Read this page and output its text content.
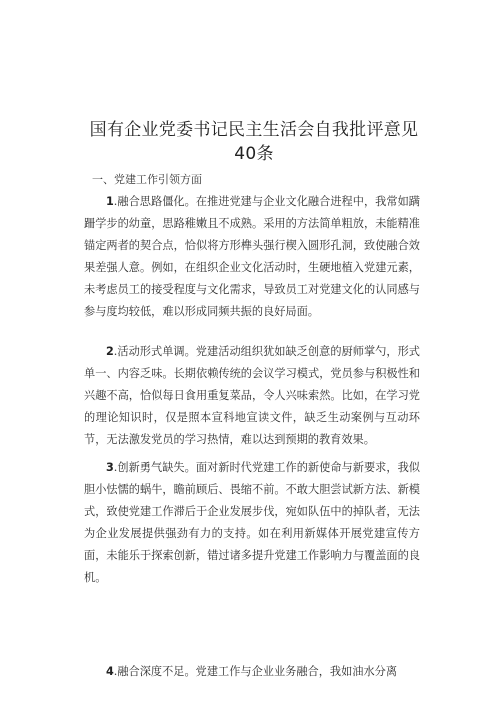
国有企业党委书记民主生活会自我批评意见40条
一、党建工作引领方面
1.融合思路僵化。在推进党建与企业文化融合进程中，我常如蹒跚学步的幼童，思路稚嫩且不成熟。采用的方法简单粗放，未能精准锚定两者的契合点，恰似将方形榫头强行楔入圆形孔洞，致使融合效果差强人意。例如，在组织企业文化活动时，生硬地植入党建元素，未考虑员工的接受程度与文化需求，导致员工对党建文化的认同感与参与度均较低，难以形成同频共振的良好局面。
2.活动形式单调。党建活动组织犹如缺乏创意的厨师掌勺，形式单一、内容乏味。长期依赖传统的会议学习模式，党员参与积极性和兴趣不高，恰似每日食用重复菜品，令人兴味索然。比如，在学习党的理论知识时，仅是照本宣科地宣读文件，缺乏生动案例与互动环节，无法激发党员的学习热情，难以达到预期的教育效果。
3.创新勇气缺失。面对新时代党建工作的新使命与新要求，我似胆小怯懦的蜗牛，瞻前顾后、畏缩不前。不敢大胆尝试新方法、新模式，致使党建工作滞后于企业发展步伐，宛如队伍中的掉队者，无法为企业发展提供强劲有力的支持。如在利用新媒体开展党建宣传方面，未能乐于探索创新，错过诸多提升党建工作影响力与覆盖面的良机。
4.融合深度不足。党建工作与企业业务融合，我如油水分离
